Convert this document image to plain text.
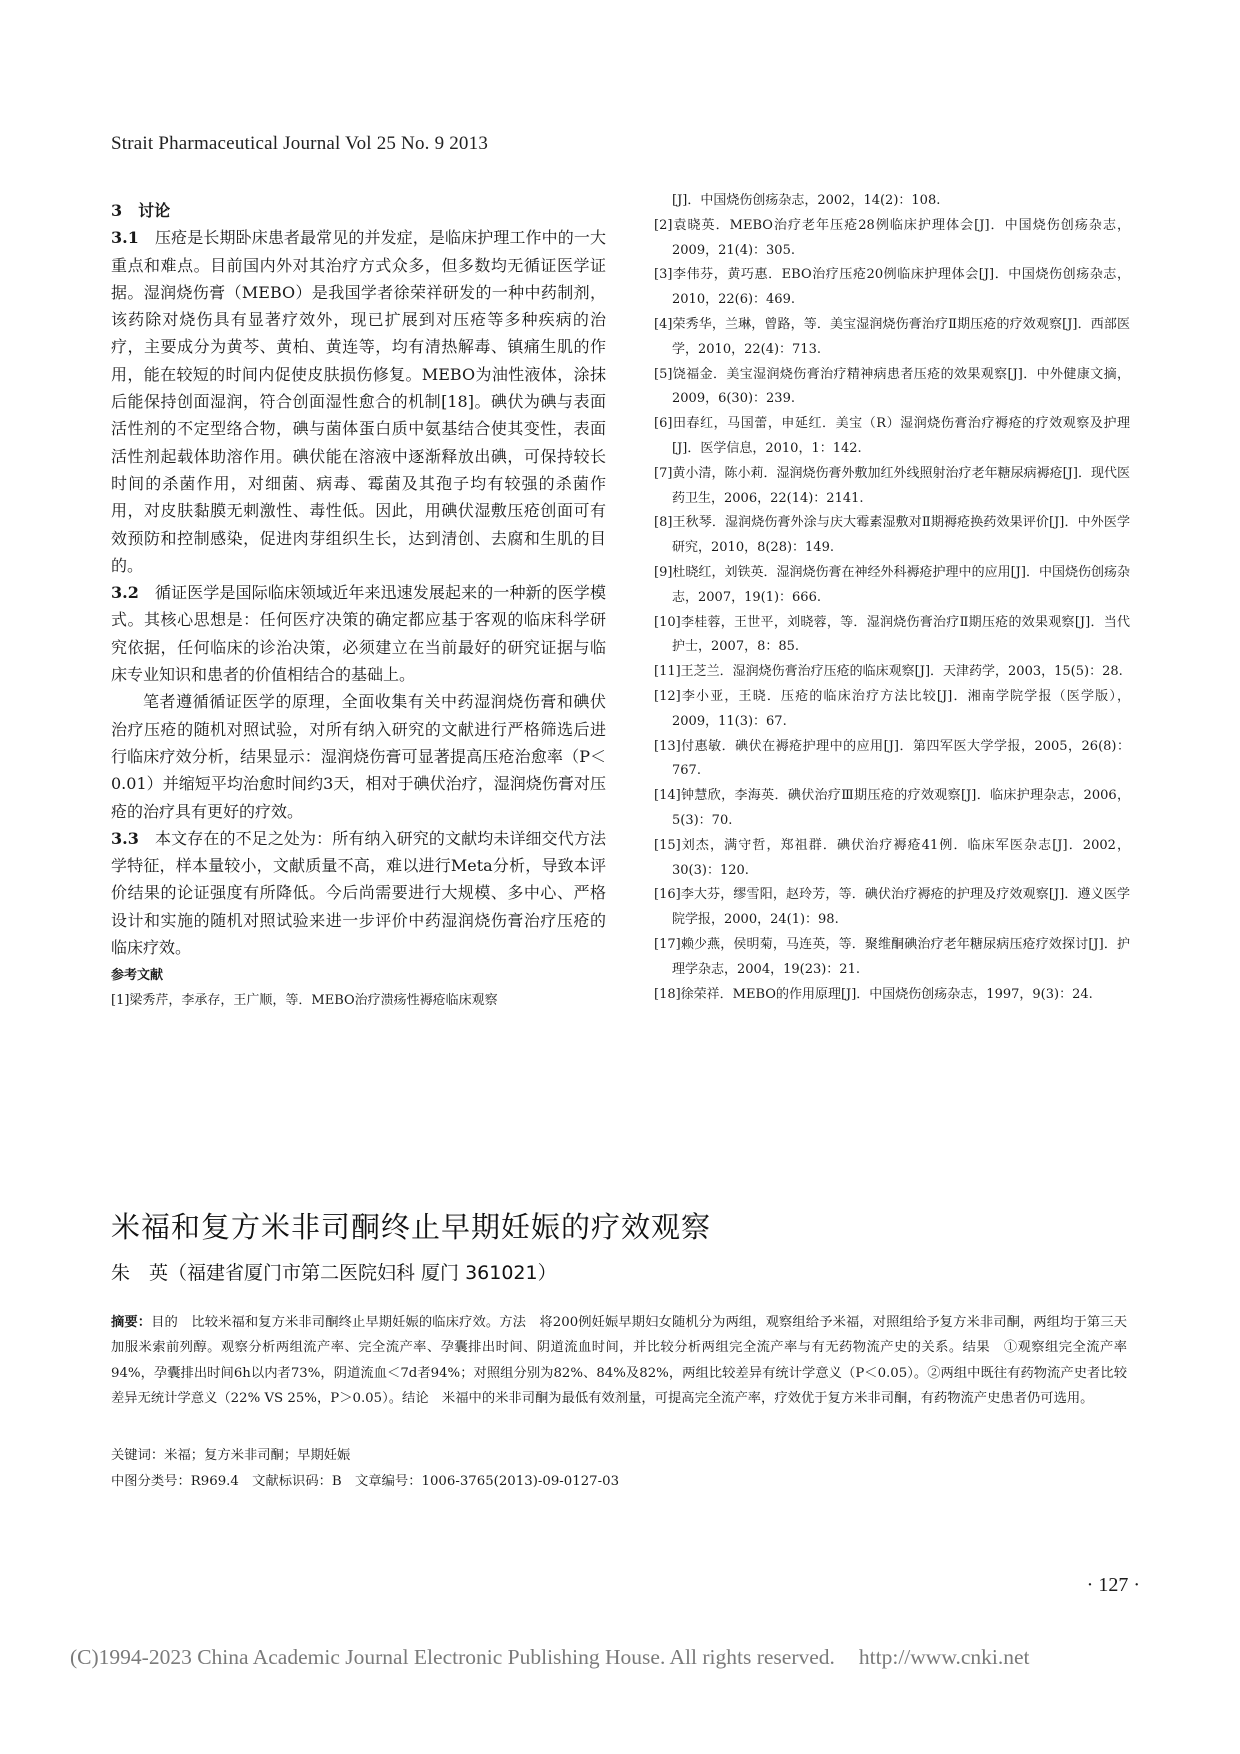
Strait Pharmaceutical Journal Vol 25 No. 9 2013
3　讨论
3.1　压疮是长期卧床患者最常见的并发症，是临床护理工作中的一大重点和难点。目前国内外对其治疗方式众多，但多数均无循证医学证据。湿润烧伤膏（MEBO）是我国学者徐荣祥研发的一种中药制剂，该药除对烧伤具有显著疗效外，现已扩展到对压疮等多种疾病的治疗，主要成分为黄芩、黄柏、黄连等，均有清热解毒、镇痛生肌的作用，能在较短的时间内促使皮肤损伤修复。MEBO为油性液体，涂抹后能保持创面湿润，符合创面湿性愈合的机制[18]。碘伏为碘与表面活性剂的不定型络合物，碘与菌体蛋白质中氨基结合使其变性，表面活性剂起载体助溶作用。碘伏能在溶液中逐渐释放出碘，可保持较长时间的杀菌作用，对细菌、病毒、霉菌及其孢子均有较强的杀菌作用，对皮肤黏膜无刺激性、毒性低。因此，用碘伏湿敷压疮创面可有效预防和控制感染，促进肉芽组织生长，达到清创、去腐和生肌的目的。
3.2　循证医学是国际临床领域近年来迅速发展起来的一种新的医学模式。其核心思想是：任何医疗决策的确定都应基于客观的临床科学研究依据，任何临床的诊治决策，必须建立在当前最好的研究证据与临床专业知识和患者的价值相结合的基础上。
笔者遵循循证医学的原理，全面收集有关中药湿润烧伤膏和碘伏治疗压疮的随机对照试验，对所有纳入研究的文献进行严格筛选后进行临床疗效分析，结果显示：湿润烧伤膏可显著提高压疮治愈率（P＜0.01）并缩短平均治愈时间约3天，相对于碘伏治疗，湿润烧伤膏对压疮的治疗具有更好的疗效。
3.3　本文存在的不足之处为：所有纳入研究的文献均未详细交代方法学特征，样本量较小，文献质量不高，难以进行Meta分析，导致本评价结果的论证强度有所降低。今后尚需要进行大规模、多中心、严格设计和实施的随机对照试验来进一步评价中药湿润烧伤膏治疗压疮的临床疗效。
参考文献
[1]梁秀芹，李承存，王广顺，等．MEBO治疗溃疡性褥疮临床观察
[J]．中国烧伤创疡杂志，2002，14(2)：108.
[2]袁晓英．MEBO治疗老年压疮28例临床护理体会[J]．中国烧伤创疡杂志，2009，21(4)：305.
[3]李伟芬，黄巧惠．EBO治疗压疮20例临床护理体会[J]．中国烧伤创疡杂志，2010，22(6)：469.
[4]荣秀华，兰琳，曾路，等．美宝湿润烧伤膏治疗Ⅱ期压疮的疗效观察[J]．西部医学，2010，22(4)：713.
[5]饶福金．美宝湿润烧伤膏治疗精神病患者压疮的效果观察[J]．中外健康文摘，2009，6(30)：239.
[6]田春红，马国蕾，申延红．美宝（R）湿润烧伤膏治疗褥疮的疗效观察及护理[J]．医学信息，2010，1：142.
[7]黄小清，陈小莉．湿润烧伤膏外敷加红外线照射治疗老年糖尿病褥疮[J]．现代医药卫生，2006，22(14)：2141.
[8]王秋琴．湿润烧伤膏外涂与庆大霉素湿敷对Ⅱ期褥疮换药效果评价[J]．中外医学研究，2010，8(28)：149.
[9]杜晓红，刘铁英．湿润烧伤膏在神经外科褥疮护理中的应用[J]．中国烧伤创疡杂志，2007，19(1)：666.
[10]李桂蓉，王世平，刘晓蓉，等．湿润烧伤膏治疗Ⅱ期压疮的效果观察[J]．当代护士，2007，8：85.
[11]王芝兰．湿润烧伤膏治疗压疮的临床观察[J]．天津药学，2003，15(5)：28.
[12]李小亚，王晓．压疮的临床治疗方法比较[J]．湘南学院学报（医学版），2009，11(3)：67.
[13]付惠敏．碘伏在褥疮护理中的应用[J]．第四军医大学学报，2005，26(8)：767.
[14]钟慧欣，李海英．碘伏治疗Ⅲ期压疮的疗效观察[J]．临床护理杂志，2006，5(3)：70.
[15]刘杰，满守哲，郑祖群．碘伏治疗褥疮41例．临床军医杂志[J]．2002，30(3)：120.
[16]李大芬，缪雪阳，赵玲芳，等．碘伏治疗褥疮的护理及疗效观察[J]．遵义医学院学报，2000，24(1)：98.
[17]赖少燕，侯明菊，马连英，等．聚维酮碘治疗老年糖尿病压疮疗效探讨[J]．护理学杂志，2004，19(23)：21.
[18]徐荣祥．MEBO的作用原理[J]．中国烧伤创疡杂志，1997，9(3)：24.
米福和复方米非司酮终止早期妊娠的疗效观察
朱　英（福建省厦门市第二医院妇科 厦门 361021）
摘要：目的　比较米福和复方米非司酮终止早期妊娠的临床疗效。方法　将200例妊娠早期妇女随机分为两组，观察组给予米福，对照组给予复方米非司酮，两组均于第三天加服米索前列醇。观察分析两组流产率、完全流产率、孕囊排出时间、阴道流血时间，并比较分析两组完全流产率与有无药物流产史的关系。结果　①观察组完全流产率94%，孕囊排出时间6h以内者73%，阴道流血＜7d者94%；对照组分别为82%、84%及82%，两组比较差异有统计学意义（P＜0.05）。②两组中既往有药物流产史者比较差异无统计学意义（22% VS 25%，P＞0.05）。结论　米福中的米非司酮为最低有效剂量，可提高完全流产率，疗效优于复方米非司酮，有药物流产史患者仍可选用。
关键词：米福；复方米非司酮；早期妊娠
中图分类号：R969.4　文献标识码：B　文章编号：1006-3765(2013)-09-0127-03
· 127 ·
(C)1994-2023 China Academic Journal Electronic Publishing House. All rights reserved. http://www.cnki.net
